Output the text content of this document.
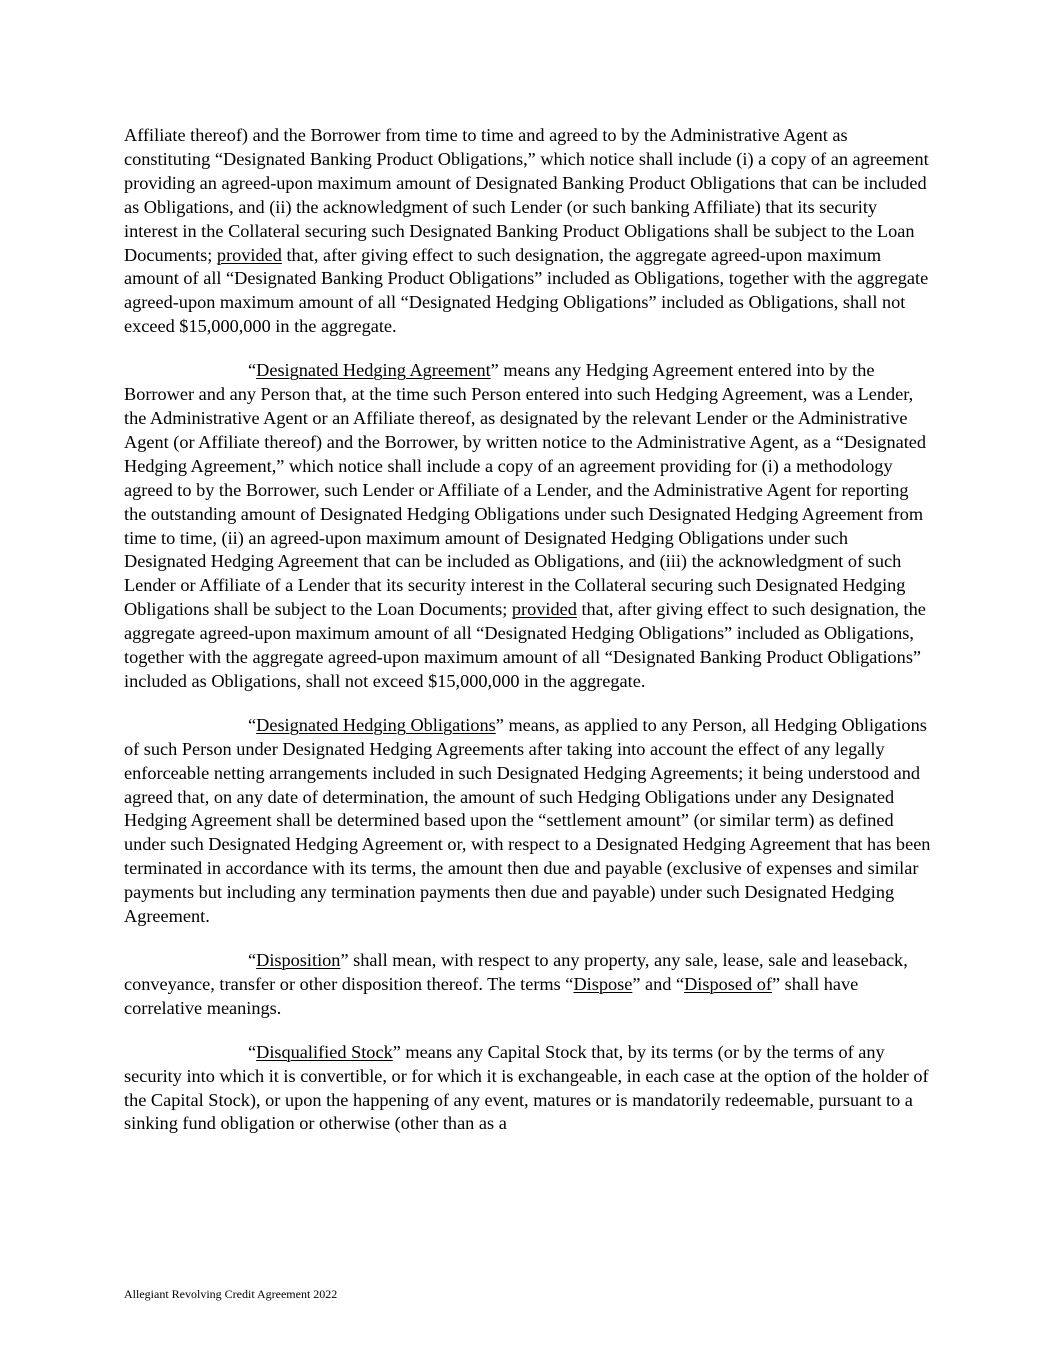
Affiliate thereof) and the Borrower from time to time and agreed to by the Administrative Agent as constituting “Designated Banking Product Obligations,” which notice shall include (i) a copy of an agreement providing an agreed-upon maximum amount of Designated Banking Product Obligations that can be included as Obligations, and (ii) the acknowledgment of such Lender (or such banking Affiliate) that its security interest in the Collateral securing such Designated Banking Product Obligations shall be subject to the Loan Documents; provided that, after giving effect to such designation, the aggregate agreed-upon maximum amount of all “Designated Banking Product Obligations” included as Obligations, together with the aggregate agreed-upon maximum amount of all “Designated Hedging Obligations” included as Obligations, shall not exceed $15,000,000 in the aggregate.

“Designated Hedging Agreement” means any Hedging Agreement entered into by the Borrower and any Person that, at the time such Person entered into such Hedging Agreement, was a Lender, the Administrative Agent or an Affiliate thereof, as designated by the relevant Lender or the Administrative Agent (or Affiliate thereof) and the Borrower, by written notice to the Administrative Agent, as a “Designated Hedging Agreement,” which notice shall include a copy of an agreement providing for (i) a methodology agreed to by the Borrower, such Lender or Affiliate of a Lender, and the Administrative Agent for reporting the outstanding amount of Designated Hedging Obligations under such Designated Hedging Agreement from time to time, (ii) an agreed-upon maximum amount of Designated Hedging Obligations under such Designated Hedging Agreement that can be included as Obligations, and (iii) the acknowledgment of such Lender or Affiliate of a Lender that its security interest in the Collateral securing such Designated Hedging Obligations shall be subject to the Loan Documents; provided that, after giving effect to such designation, the aggregate agreed-upon maximum amount of all “Designated Hedging Obligations” included as Obligations, together with the aggregate agreed-upon maximum amount of all “Designated Banking Product Obligations” included as Obligations, shall not exceed $15,000,000 in the aggregate.

“Designated Hedging Obligations” means, as applied to any Person, all Hedging Obligations of such Person under Designated Hedging Agreements after taking into account the effect of any legally enforceable netting arrangements included in such Designated Hedging Agreements; it being understood and agreed that, on any date of determination, the amount of such Hedging Obligations under any Designated Hedging Agreement shall be determined based upon the “settlement amount” (or similar term) as defined under such Designated Hedging Agreement or, with respect to a Designated Hedging Agreement that has been terminated in accordance with its terms, the amount then due and payable (exclusive of expenses and similar payments but including any termination payments then due and payable) under such Designated Hedging Agreement.

“Disposition” shall mean, with respect to any property, any sale, lease, sale and leaseback, conveyance, transfer or other disposition thereof. The terms “Dispose” and “Disposed of” shall have correlative meanings.

“Disqualified Stock” means any Capital Stock that, by its terms (or by the terms of any security into which it is convertible, or for which it is exchangeable, in each case at the option of the holder of the Capital Stock), or upon the happening of any event, matures or is mandatorily redeemable, pursuant to a sinking fund obligation or otherwise (other than as a

Allegiant Revolving Credit Agreement 2022
